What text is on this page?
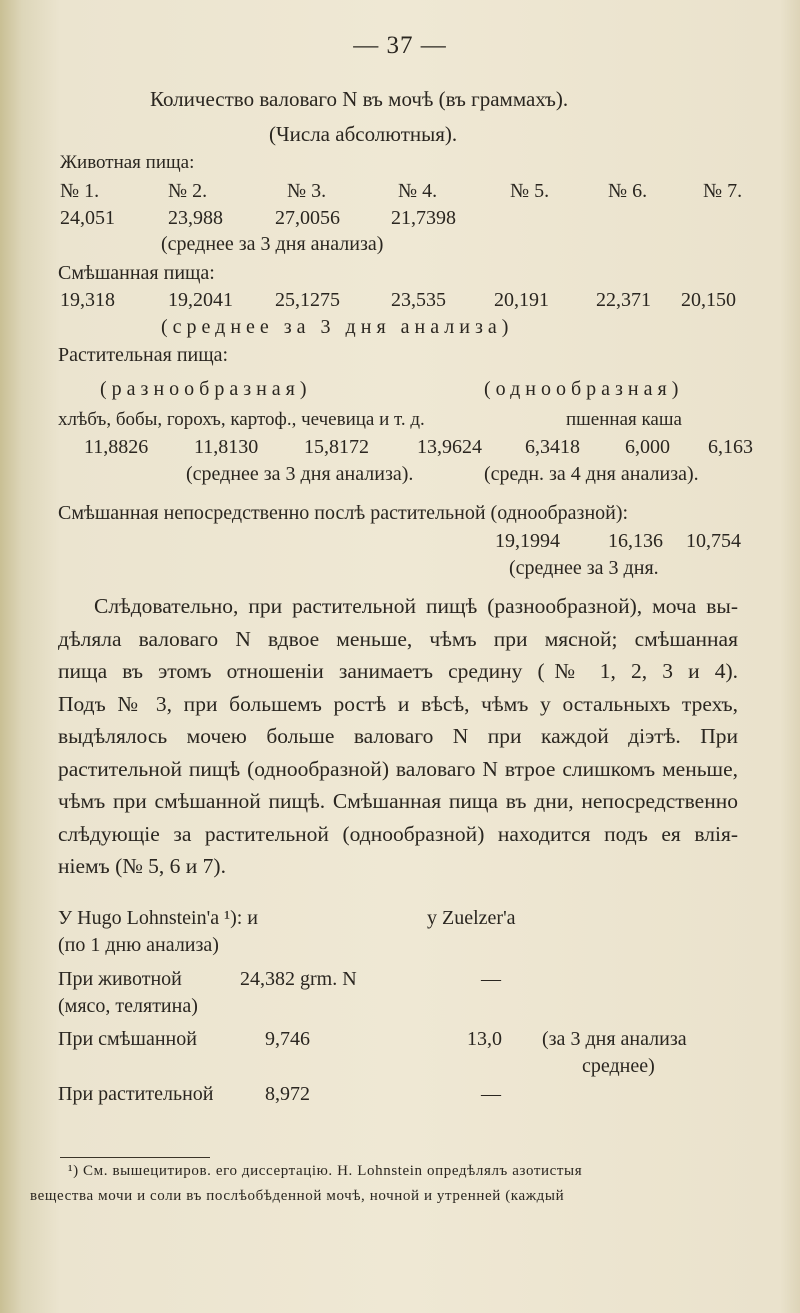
— 37 —
Количество валоваго N въ мочѣ (въ граммахъ).
(Числа абсолютныя).
Животная пища:
№ 1.	№ 2.	№ 3.	№ 4.	№ 5.	№ 6.	№ 7.
24,051	23,988	27,0056	21,7398
(среднее за 3 дня анализа)
Смѣшанная пища:
19,318	19,2041 25,1275	23,535 20,191 22,371 20,150
(среднее за 3 дня анализа)
Растительная пища:
(разнообразная)	(однообразная)
хлѣбъ, бобы, горохъ, картоф., чечевица и т. д.	пшенная каша
11,8826 11,8130 15,8172 13,9624 6,3418 6,000 6,163
(среднее за 3 дня анализа).	(средн. за 4 дня анализа).
Смѣшанная непосредственно послѣ растительной (однообразной):
19,1994 16,136 10,754
(среднее за 3 дня.
Слѣдовательно, при растительной пищѣ (разнообразной), моча вы-
дѣляла валоваго N вдвое меньше, чѣмъ при мясной; смѣшанная
пища въ этомъ отношеніи занимаетъ средину (№ 1, 2, 3 и 4).
Подъ № 3, при большемъ ростѣ и вѣсѣ, чѣмъ у остальныхъ трехъ,
выдѣлялось мочею больше валоваго N при каждой діэтѣ. При
растительной пищѣ (однообразной) валоваго N втрое слишкомъ меньше,
чѣмъ при смѣшанной пищѣ. Смѣшанная пища въ дни, непосредственно
слѣдующіе за растительной (однообразной) находится подъ ея влія-
ніемъ (№ 5, 6 и 7).
У Hugo Lohnstein'а ¹): и	у Zuelzer'а
(по 1 дню анализа)
При животной	24,382 grm. N	—
(мясо, телятина)
При смѣшанной	9,746	13,0 (за 3 дня анализа
среднее)
При растительной	8,972	—
¹) См. вышецитиров. его диссертацію. H. Lohnstein опредѣлялъ азотистыя
вещества мочи и соли въ послѣобѣденной мочѣ, ночной и утренней (каждый
